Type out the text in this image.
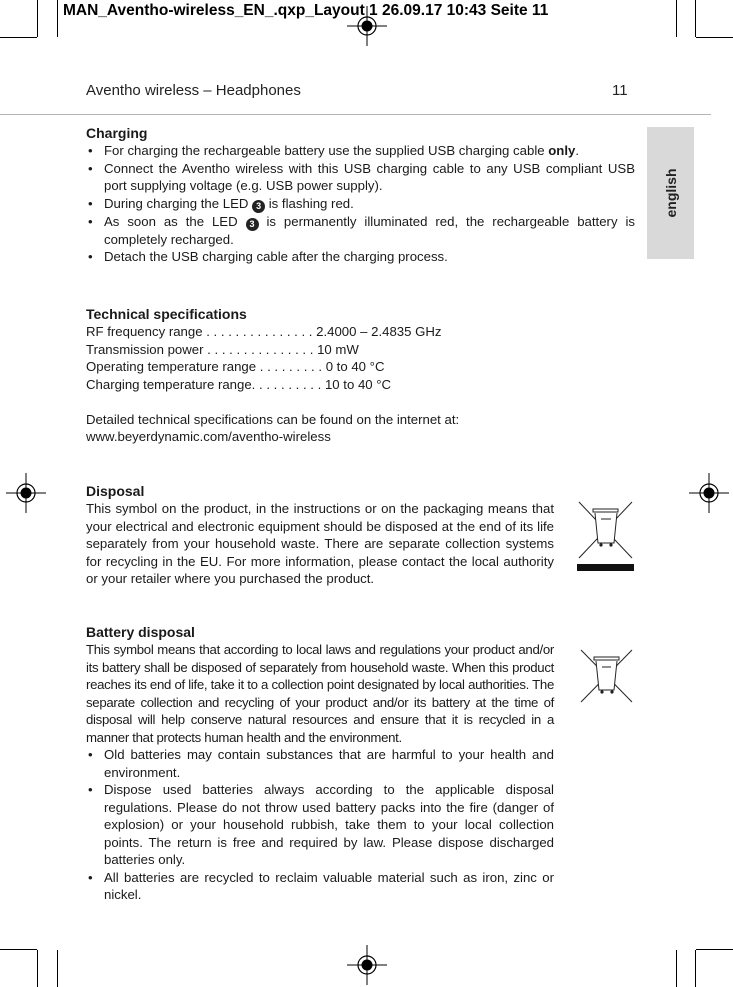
MAN_Aventho-wireless_EN_.qxp_Layout 1 26.09.17 10:43 Seite 11
Aventho wireless – Headphones	11
english
Charging
• For charging the rechargeable battery use the supplied USB charging cable only.
• Connect the Aventho wireless with this USB charging cable to any USB compliant USB port supplying voltage (e.g. USB power supply).
• During charging the LED 3 is flashing red.
• As soon as the LED 3 is permanently illuminated red, the rechargeable battery is completely recharged.
• Detach the USB charging cable after the charging process.
Technical specifications
RF frequency range . . . . . . . . . . . . . . . 2.4000 – 2.4835 GHz
Transmission power . . . . . . . . . . . . . . . 10 mW
Operating temperature range . . . . . . . . . 0 to 40 °C
Charging temperature range. . . . . . . . . . 10 to 40 °C
Detailed technical specifications can be found on the internet at:
www.beyerdynamic.com/aventho-wireless
Disposal

This symbol on the product, in the instructions or on the packaging means that your electrical and electronic equipment should be disposed at the end of its life separately from your household waste. There are separate collection systems for recycling in the EU. For more information, please contact the local authority or your retailer where you purchased the product.

Battery disposal

This symbol means that according to local laws and regulations your product and/or its battery shall be disposed of separately from household waste. When this product reaches its end of life, take it to a collection point designated by local authorities. The separate collection and recycling of your product and/or its battery at the time of disposal will help conserve natural resources and ensure that it is recycled in a manner that protects human health and the environment.

• Old batteries may contain substances that are harmful to your health and environment.
• Dispose used batteries always according to the applicable disposal regulations. Please do not throw used battery packs into the fire (danger of explosion) or your household rubbish, take them to your local collection points. The return is free and required by law. Please dispose discharged batteries only.
• All batteries are recycled to reclaim valuable material such as iron, zinc or nickel.
